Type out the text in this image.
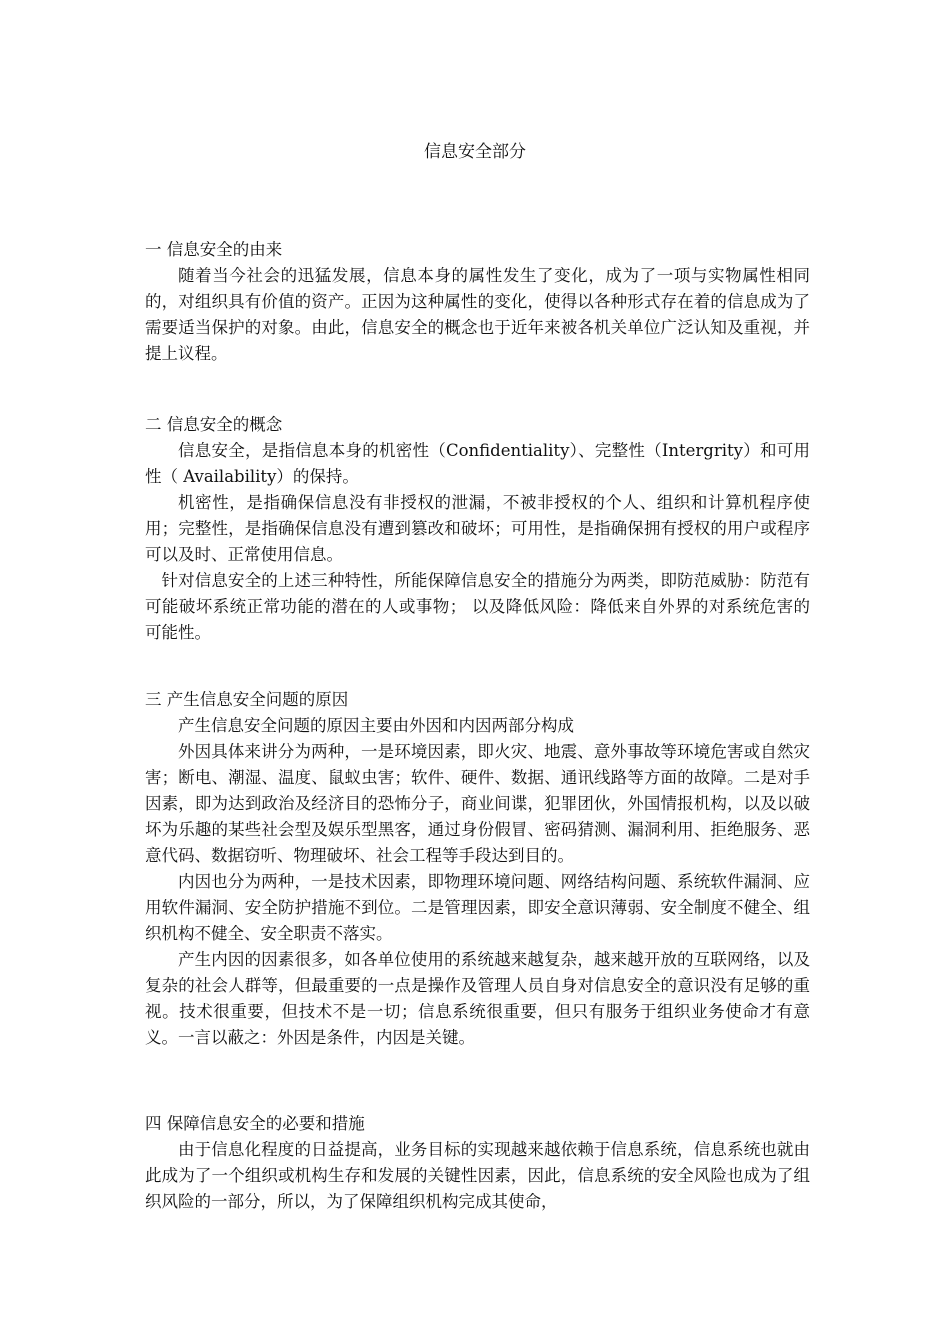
信息安全部分
一 信息安全的由来

随着当今社会的迅猛发展，信息本身的属性发生了变化，成为了一项与实物属性相同的，对组织具有价值的资产。正因为这种属性的变化，使得以各种形式存在着的信息成为了需要适当保护的对象。由此，信息安全的概念也于近年来被各机关单位广泛认知及重视，并提上议程。

二 信息安全的概念

信息安全，是指信息本身的机密性（Confidentiality）、完整性（Intergrity）和可用性（ Availability）的保持。

机密性，是指确保信息没有非授权的泄漏，不被非授权的个人、组织和计算机程序使用；完整性，是指确保信息没有遭到篡改和破坏；可用性，是指确保拥有授权的用户或程序可以及时、正常使用信息。

针对信息安全的上述三种特性，所能保障信息安全的措施分为两类，即防范威胁：防范有可能破坏系统正常功能的潜在的人或事物； 以及降低风险：降低来自外界的对系统危害的可能性。

三 产生信息安全问题的原因

产生信息安全问题的原因主要由外因和内因两部分构成

外因具体来讲分为两种，一是环境因素，即火灾、地震、意外事故等环境危害或自然灾害；断电、潮湿、温度、鼠蚁虫害；软件、硬件、数据、通讯线路等方面的故障。二是对手因素，即为达到政治及经济目的恐怖分子，商业间谍，犯罪团伙，外国情报机构，以及以破坏为乐趣的某些社会型及娱乐型黑客，通过身份假冒、密码猜测、漏洞利用、拒绝服务、恶意代码、数据窃听、物理破坏、社会工程等手段达到目的。

内因也分为两种，一是技术因素，即物理环境问题、网络结构问题、系统软件漏洞、应用软件漏洞、安全防护措施不到位。二是管理因素，即安全意识薄弱、安全制度不健全、组织机构不健全、安全职责不落实。

产生内因的因素很多，如各单位使用的系统越来越复杂，越来越开放的互联网络，以及复杂的社会人群等，但最重要的一点是操作及管理人员自身对信息安全的意识没有足够的重视。技术很重要，但技术不是一切；信息系统很重要，但只有服务于组织业务使命才有意义。一言以蔽之：外因是条件，内因是关键。

四 保障信息安全的必要和措施

由于信息化程度的日益提高，业务目标的实现越来越依赖于信息系统，信息系统也就由此成为了一个组织或机构生存和发展的关键性因素，因此，信息系统的安全风险也成为了组织风险的一部分，所以，为了保障组织机构完成其使命，
